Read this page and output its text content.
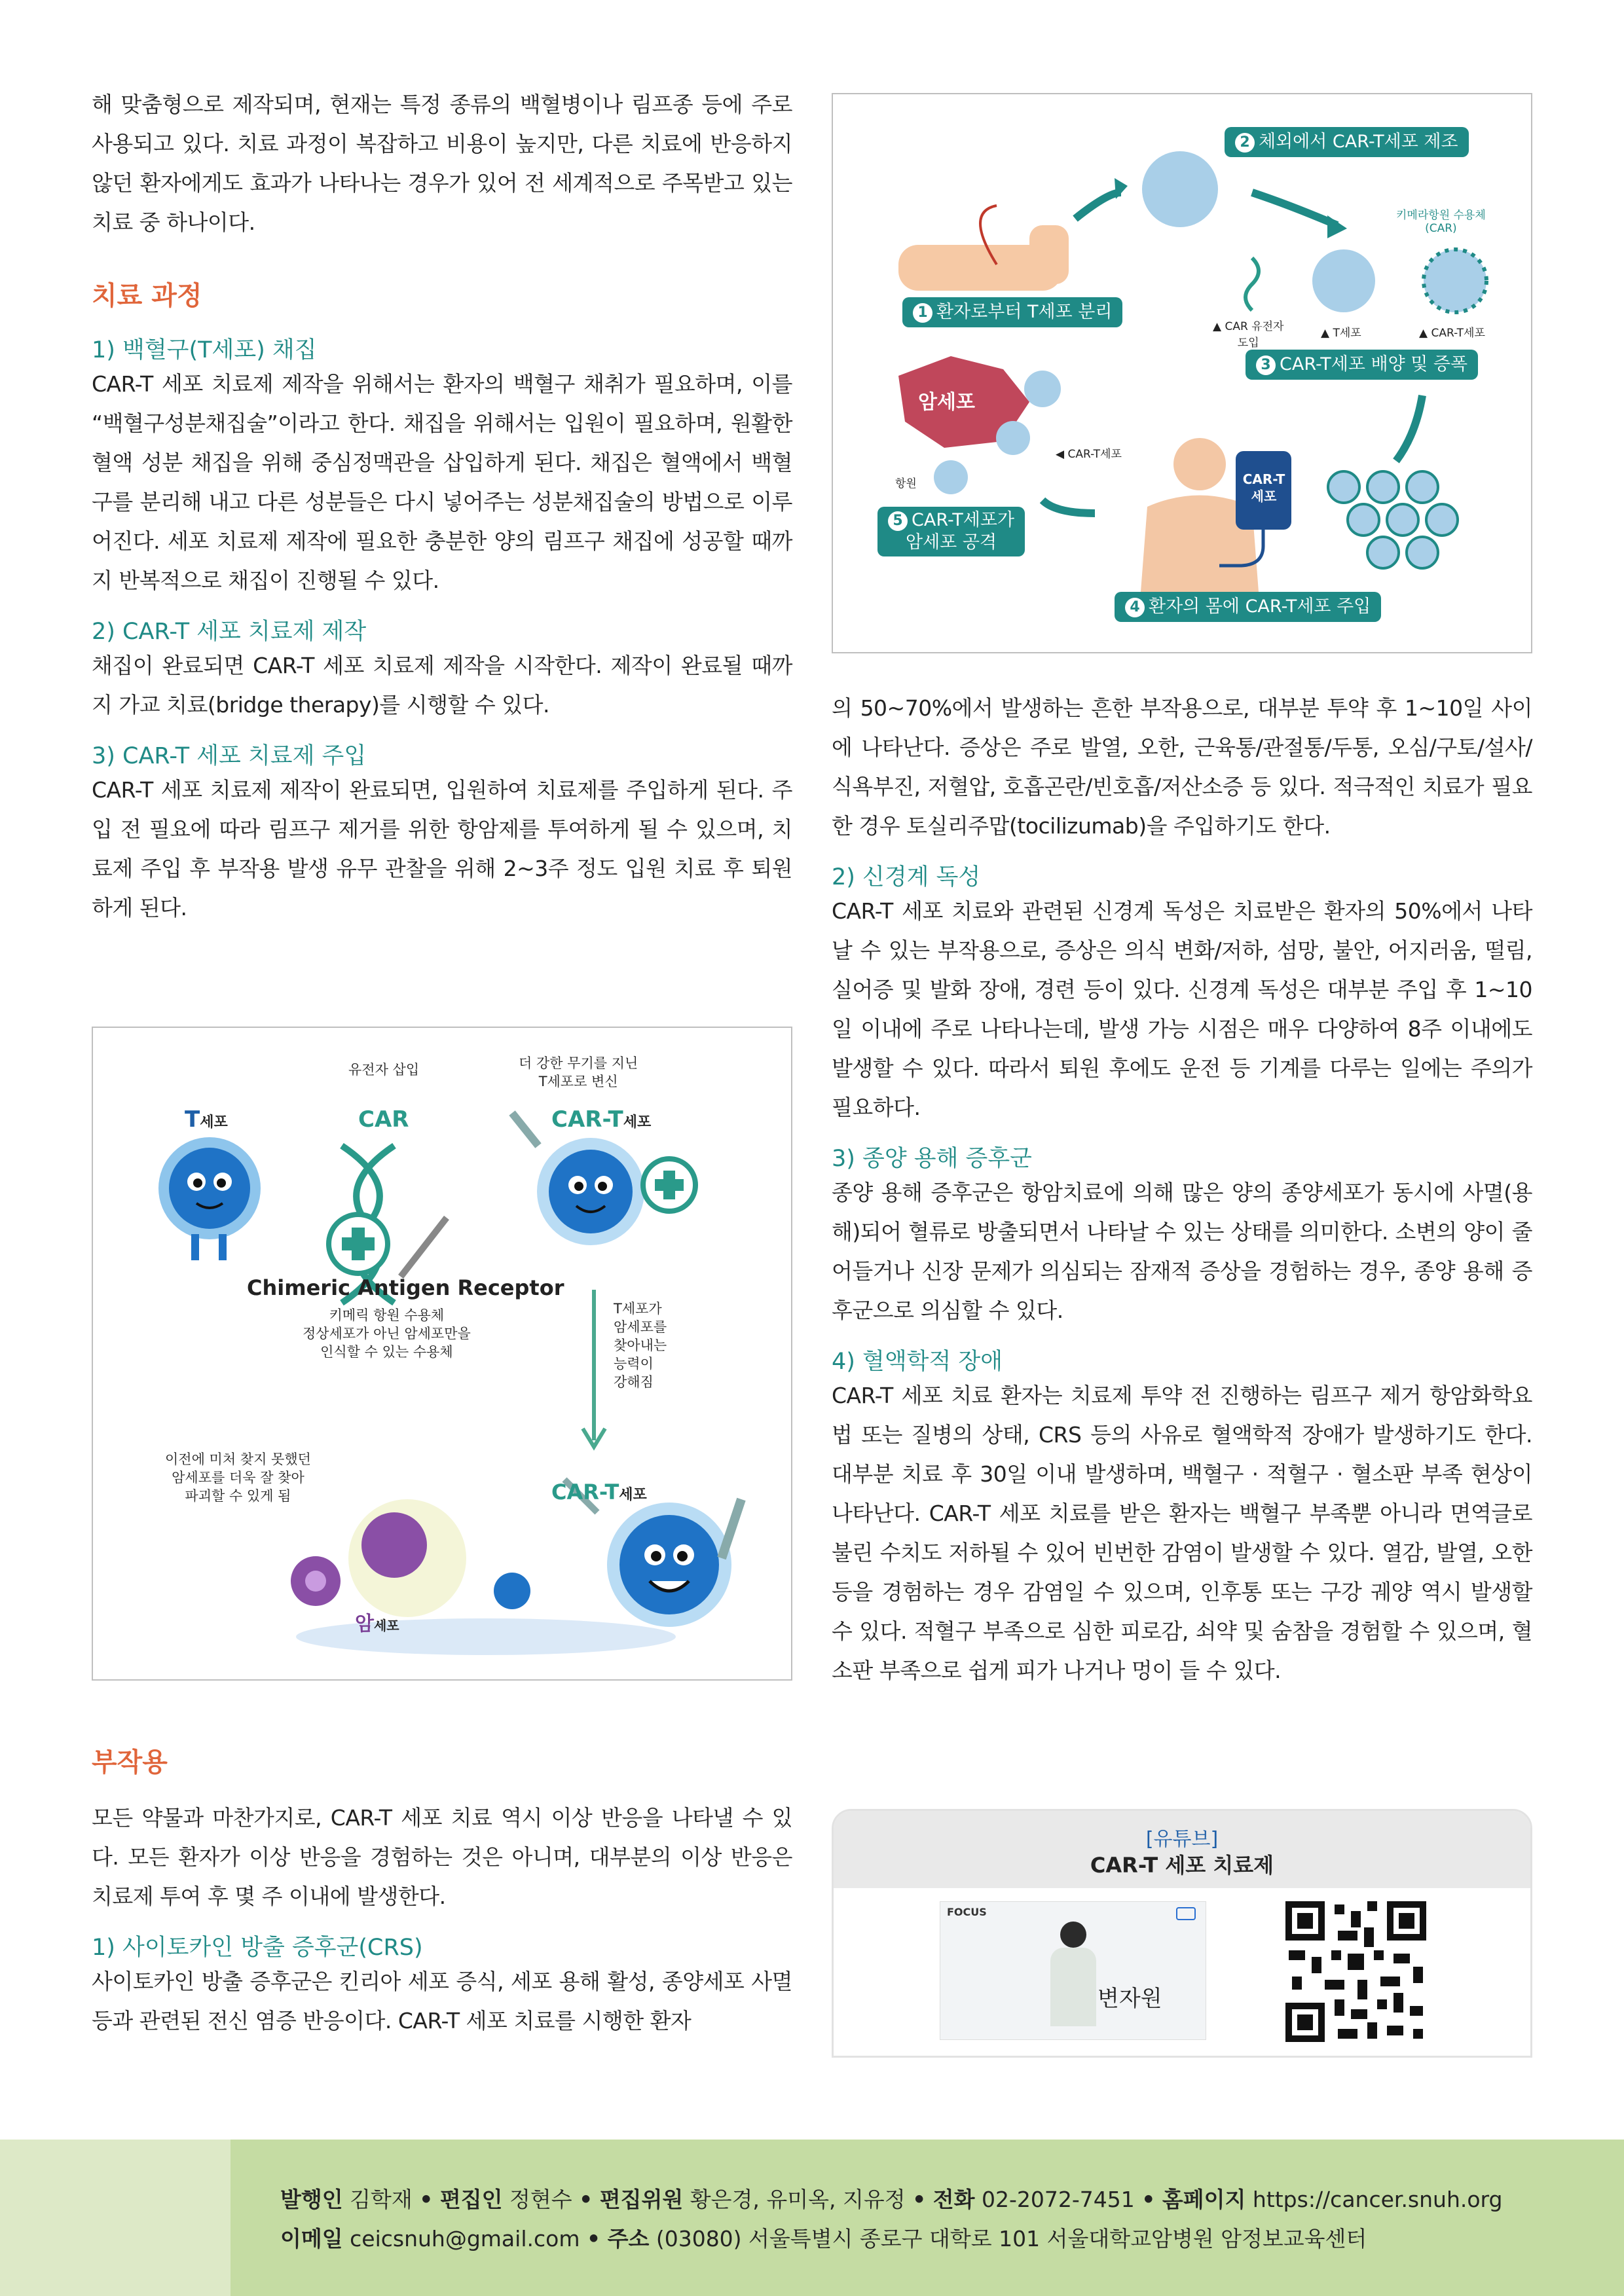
해 맞춤형으로 제작되며, 현재는 특정 종류의 백혈병이나 림프종 등에 주로 사용되고 있다. 치료 과정이 복잡하고 비용이 높지만, 다른 치료에 반응하지 않던 환자에게도 효과가 나타나는 경우가 있어 전 세계적으로 주목받고 있는 치료 중 하나이다.

치료 과정
1) 백혈구(T세포) 채집

CAR-T 세포 치료제 제작을 위해서는 환자의 백혈구 채취가 필요하며, 이를 “백혈구성분채집술”이라고 한다. 채집을 위해서는 입원이 필요하며, 원활한 혈액 성분 채집을 위해 중심정맥관을 삽입하게 된다. 채집은 혈액에서 백혈구를 분리해 내고 다른 성분들은 다시 넣어주는 성분채집술의 방법으로 이루어진다. 세포 치료제 제작에 필요한 충분한 양의 림프구 채집에 성공할 때까지 반복적으로 채집이 진행될 수 있다.

2) CAR-T 세포 치료제 제작

채집이 완료되면 CAR-T 세포 치료제 제작을 시작한다. 제작이 완료될 때까지 가교 치료(bridge therapy)를 시행할 수 있다.

3) CAR-T 세포 치료제 주입

CAR-T 세포 치료제 제작이 완료되면, 입원하여 치료제를 주입하게 된다. 주입 전 필요에 따라 림프구 제거를 위한 항암제를 투여하게 될 수 있으며, 치료제 주입 후 부작용 발생 유무 관찰을 위해 2~3주 정도 입원 치료 후 퇴원하게 된다.

유전자 삽입	더 강한 무기를 지닌
T세포로 변신
T세포	CAR	CAR-T세포
Chimeric Antigen Receptor
키메릭 항원 수용체
정상세포가 아닌 암세포만을
인식할 수 있는 수용체
T세포가
암세포를
찾아내는
능력이
강해짐
이전에 미처 찾지 못했던
암세포를 더욱 잘 찾아
파괴할 수 있게 됨
암세포
CAR-T세포
부작용

모든 약물과 마찬가지로, CAR-T 세포 치료 역시 이상 반응을 나타낼 수 있다. 모든 환자가 이상 반응을 경험하는 것은 아니며, 대부분의 이상 반응은 치료제 투여 후 몇 주 이내에 발생한다.

1) 사이토카인 방출 증후군(CRS)

사이토카인 방출 증후군은 킨리아 세포 증식, 세포 용해 활성, 종양세포 사멸 등과 관련된 전신 염증 반응이다. CAR-T 세포 치료를 시행한 환자

1 환자로부터 T세포 분리
2 체외에서 CAR-T세포 제조
3 CAR-T세포 배양 및 증폭
4 환자의 몸에 CAR-T세포 주입
5 CAR-T세포가
암세포 공격
키메라항원 수용체
(CAR)
▲ CAR 유전자
도입
▲ T세포	▲ CAR-T세포
암세포
◀ CAR-T세포
항원	CAR-T
세포

의 50~70%에서 발생하는 흔한 부작용으로, 대부분 투약 후 1~10일 사이에 나타난다. 증상은 주로 발열, 오한, 근육통/관절통/두통, 오심/구토/설사/식욕부진, 저혈압, 호흡곤란/빈호흡/저산소증 등 있다. 적극적인 치료가 필요한 경우 토실리주맙(tocilizumab)을 주입하기도 한다.

2) 신경계 독성

CAR-T 세포 치료와 관련된 신경계 독성은 치료받은 환자의 50%에서 나타날 수 있는 부작용으로, 증상은 의식 변화/저하, 섬망, 불안, 어지러움, 떨림, 실어증 및 발화 장애, 경련 등이 있다. 신경계 독성은 대부분 주입 후 1~10일 이내에 주로 나타나는데, 발생 가능 시점은 매우 다양하여 8주 이내에도 발생할 수 있다. 따라서 퇴원 후에도 운전 등 기계를 다루는 일에는 주의가 필요하다.

3) 종양 용해 증후군

종양 용해 증후군은 항암치료에 의해 많은 양의 종양세포가 동시에 사멸(용해)되어 혈류로 방출되면서 나타날 수 있는 상태를 의미한다. 소변의 양이 줄어들거나 신장 문제가 의심되는 잠재적 증상을 경험하는 경우, 종양 용해 증후군으로 의심할 수 있다.

4) 혈액학적 장애

CAR-T 세포 치료 환자는 치료제 투약 전 진행하는 림프구 제거 항암화학요법 또는 질병의 상태, CRS 등의 사유로 혈액학적 장애가 발생하기도 한다. 대부분 치료 후 30일 이내 발생하며, 백혈구 · 적혈구 · 혈소판 부족 현상이 나타난다. CAR-T 세포 치료를 받은 환자는 백혈구 부족뿐 아니라 면역글로불린 수치도 저하될 수 있어 빈번한 감염이 발생할 수 있다. 열감, 발열, 오한 등을 경험하는 경우 감염일 수 있으며, 인후통 또는 구강 궤양 역시 발생할 수 있다. 적혈구 부족으로 심한 피로감, 쇠약 및 숨참을 경험할 수 있으며, 혈소판 부족으로 쉽게 피가 나거나 멍이 들 수 있다.

[유튜브]
CAR-T 세포 치료제
FOCUS
변자원
발행인 김학재 • 편집인 정현수 • 편집위원 황은경, 유미옥, 지유정 • 전화 02-2072-7451 • 홈페이지 https://cancer.snuh.org
이메일 ceicsnuh@gmail.com • 주소 (03080) 서울특별시 종로구 대학로 101 서울대학교암병원 암정보교육센터
